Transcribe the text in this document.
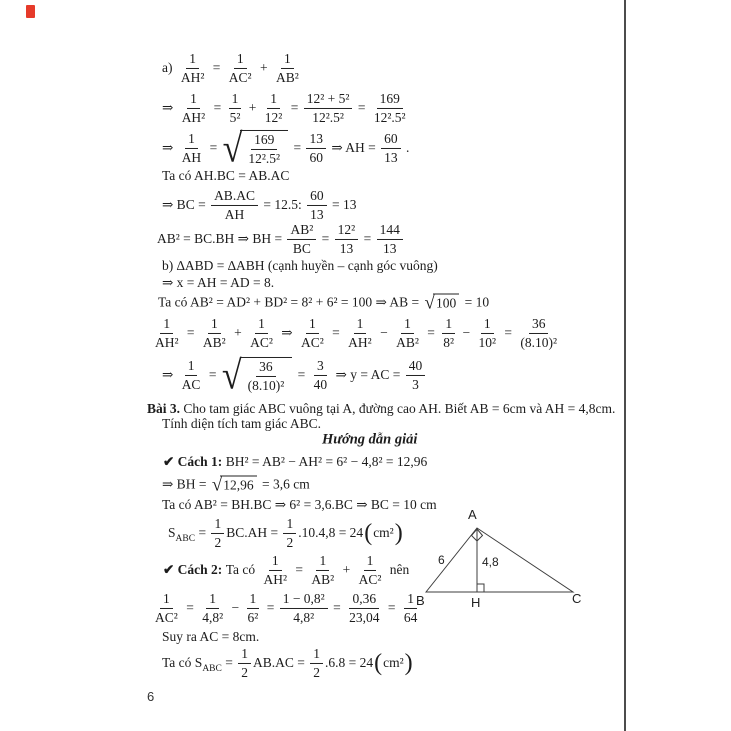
$a) \frac{1}{\text{AH²}} = \frac{1}{\text{AC²}} + \frac{1}{\text{AB²}}$
⇒ $\frac{1}{\text{AH²}} = \frac{1}{\text{5²}} + \frac{1}{\text{12²}} = \frac{\text{12² + 5²}}{\text{12².5²}} = \frac{169}{\text{12².5²}}$
⇒ $\frac{1}{AH}$ = √ $\frac{169}{\text{12².5²}} = \frac{13}{60}$ ⇒ AH = $\frac{60}{13}$ .
Ta có AH.BC = AB.AC
⇒ BC = $\frac{AB.AC}{AH} = 12.5$: $\frac{60}{13} = 13$
AB² = BC.BH ⇒ BH = $\frac{\text{AB²}}{BC} = \frac{\text{12²}}{13} = \frac{144}{13}$
b) ∆ABD = ∆ABH (cạnh huyền – cạnh góc vuông)
⇒ x = AH = AD = 8.
Ta có AB² = AD² + BD² = 8² + 6² = 100 ⇒ AB = √ 100 = 10
$\frac{1}{\text{AH²}} = \frac{1}{\text{AB²}} + \frac{1}{\text{AC²}}$ ⇒ $\frac{1}{\text{AC²}} = \frac{1}{\text{AH²}} - \frac{1}{\text{AB²}} = \frac{1}{\text{8²}} - \frac{1}{\text{10²}} = \frac{36}{\text{(8.10)²}}$
⇒ $\frac{1}{AC}$ = √ $\frac{36}{\text{(8.10)²}} = \frac{3}{40}$ ⇒ y = AC = $\frac{40}{3}$
Bài 3. Cho tam giác ABC vuông tại A, đường cao AH. Biết AB = 6cm và AH = 4,8cm.
Tính diện tích tam giác ABC.
Hướng dẫn giải
✔ Cách 1: BH² = AB² − AH² = 6² − 4,8² = 12,96
⇒ BH = √ 12,96 = 3,6 cm
Ta có AB² = BH.BC ⇒ 6² = 3,6.BC ⇒ BC = 10 cm
S ABC = $\frac{1}{2} BC.AH = \frac{1}{2} .10.4,8 = 24$ ( cm² )
✔ Cách 2: Ta có $\frac{1}{\text{AH²}} = \frac{1}{\text{AB²}} + \frac{1}{\text{AC²}}$ nên
$\frac{1}{\text{AC²}} = \frac{1}{\text{4,8²}} - \frac{1}{\text{6²}} = \frac{\text{1 − 0,8²}}{\text{4,8²}} = \frac{0,36}{23,04} = \frac{1}{64}$
Suy ra AC = 8cm.
Ta có S ABC = $\frac{1}{2} AB.AC = \frac{1}{2} .6.8 = 24$ ( cm² )
A
B	C
H
6	4,8
6
